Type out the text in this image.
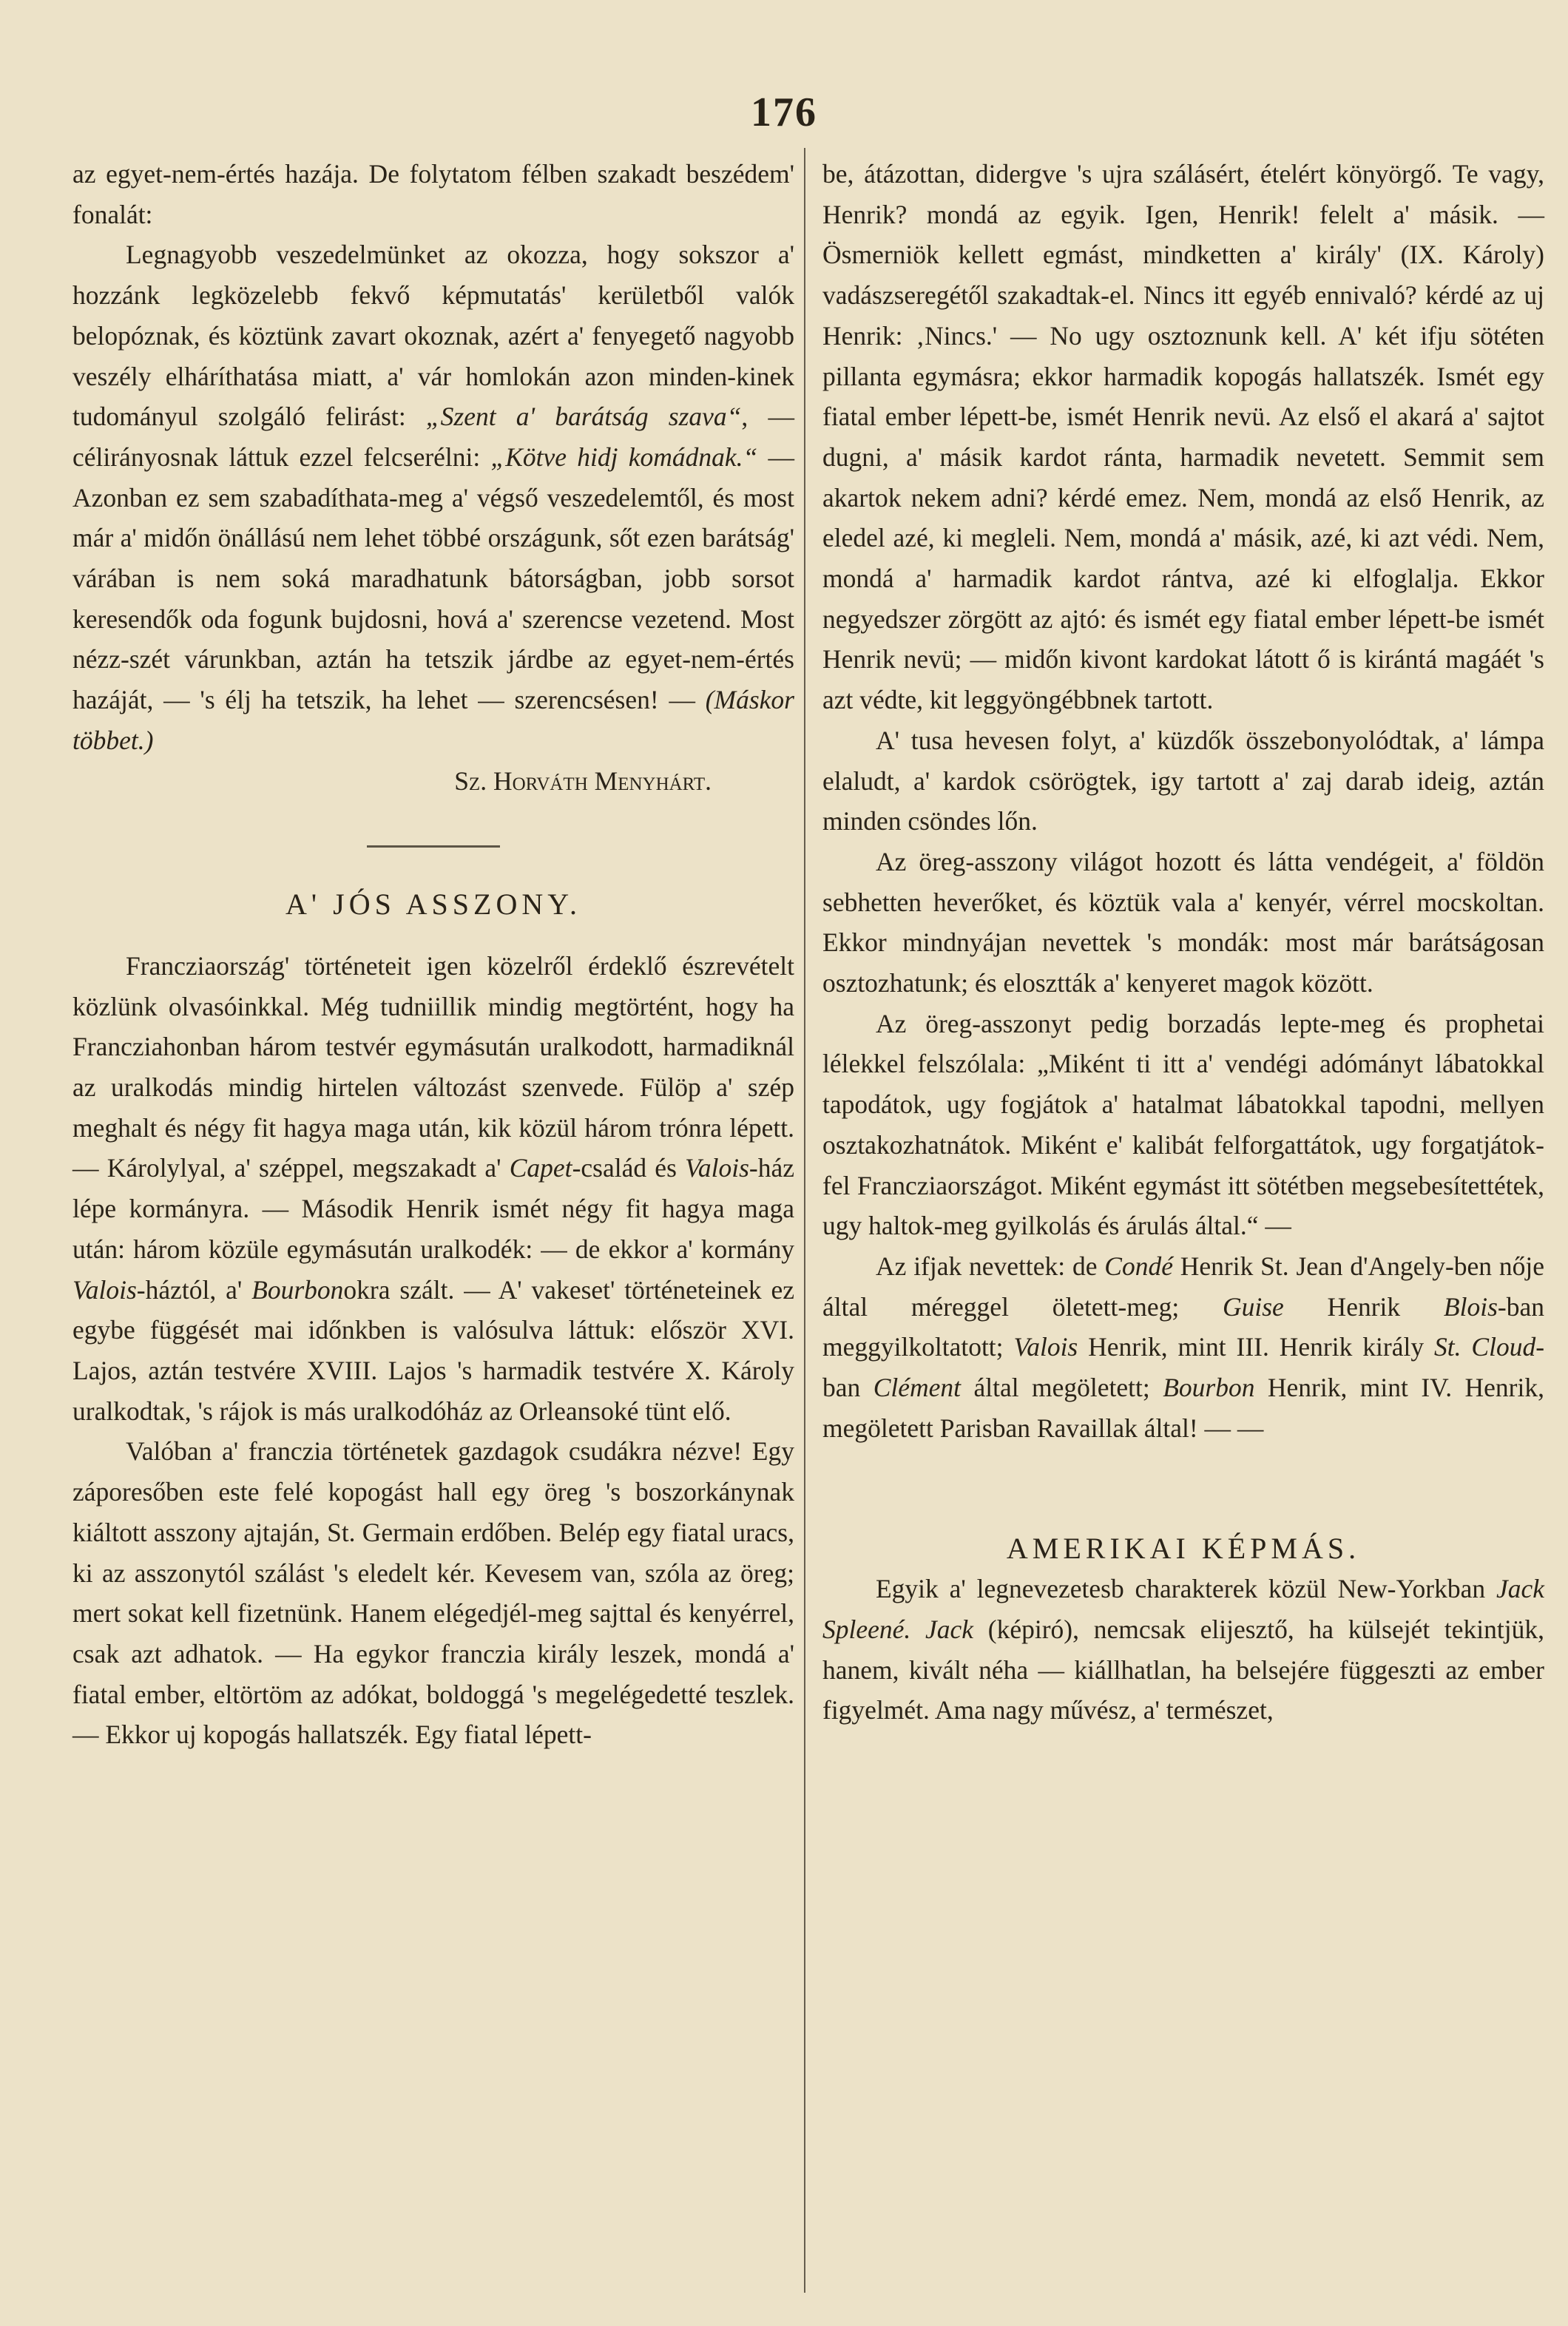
176

az egyet-nem-értés hazája. De folytatom félben szakadt beszédem' fonalát:

Legnagyobb veszedelmünket az okozza, hogy sokszor a' hozzánk legközelebb fekvő képmutatás' kerületből valók belopóznak, és köztünk zavart okoznak, azért a' fenyegető nagyobb veszély elháríthatása miatt, a' vár homlokán azon minden-kinek tudományul szolgáló felirást: „Szent a' barátság szava“, — célirányosnak láttuk ezzel felcserélni: „Kötve hidj komádnak.“ — Azonban ez sem szabadíthata-meg a' végső veszedelemtől, és most már a' midőn önállású nem lehet többé országunk, sőt ezen barátság' várában is nem soká maradhatunk bátorságban, jobb sorsot keresendők oda fogunk bujdosni, hová a' szerencse vezetend. Most nézz-szét várunkban, aztán ha tetszik járdbe az egyet-nem-értés hazáját, — 's élj ha tetszik, ha lehet — szerencsésen! — (Máskor többet.)

Sz. Horváth Menyhárt.

A' JÓS ASSZONY.

Francziaország' történeteit igen közelről érdeklő észrevételt közlünk olvasóinkkal. Még tudniillik mindig megtörtént, hogy ha Francziahonban három testvér egymásután uralkodott, harmadiknál az uralkodás mindig hirtelen változást szenvede. Fülöp a' szép meghalt és négy fit hagya maga után, kik közül három trónra lépett.— Károlylyal, a' széppel, megszakadt a' Capet-család és Valois-ház lépe kormányra. — Második Henrik ismét négy fit hagya maga után: három közüle egymásután uralkodék: — de ekkor a' kormány Valois-háztól, a' Bourbonokra szált. — A' vakeset' történeteinek ez egybe függését mai időnkben is valósulva láttuk: először XVI. Lajos, aztán testvére XVIII. Lajos 's harmadik testvére X. Károly uralkodtak, 's rájok is más uralkodóház az Orleansoké tünt elő.

Valóban a' franczia történetek gazdagok csudákra nézve! Egy záporesőben este felé kopogást hall egy öreg 's boszorkánynak kiáltott asszony ajtaján, St. Germain erdőben. Belép egy fiatal uracs, ki az asszonytól szálást 's eledelt kér. Kevesem van, szóla az öreg; mert sokat kell fizetnünk. Hanem elégedjél-meg sajttal és kenyérrel, csak azt adhatok. — Ha egykor franczia király leszek, mondá a' fiatal ember, eltörtöm az adókat, boldoggá 's megelégedetté teszlek. — Ekkor uj kopogás hallatszék. Egy fiatal lépett-

be, átázottan, didergve 's ujra szálásért, ételért könyörgő. Te vagy, Henrik? mondá az egyik. Igen, Henrik! felelt a' másik. — Ösmerniök kellett egmást, mindketten a' király' (IX. Károly) vadászseregétől szakadtak-el. Nincs itt egyéb ennivaló? kérdé az uj Henrik: ‚Nincs.' — No ugy osztoznunk kell. A' két ifju sötéten pillanta egymásra; ekkor harmadik kopogás hallatszék. Ismét egy fiatal ember lépett-be, ismét Henrik nevü. Az első el akará a' sajtot dugni, a' másik kardot ránta, harmadik nevetett. Semmit sem akartok nekem adni? kérdé emez. Nem, mondá az első Henrik, az eledel azé, ki megleli. Nem, mondá a' másik, azé, ki azt védi. Nem, mondá a' harmadik kardot rántva, azé ki elfoglalja. Ekkor negyedszer zörgött az ajtó: és ismét egy fiatal ember lépett-be ismét Henrik nevü; — midőn kivont kardokat látott ő is kirántá magáét 's azt védte, kit leggyöngébbnek tartott.

A' tusa hevesen folyt, a' küzdők összebonyolódtak, a' lámpa elaludt, a' kardok csörögtek, igy tartott a' zaj darab ideig, aztán minden csöndes lőn.

Az öreg-asszony világot hozott és látta vendégeit, a' földön sebhetten heverőket, és köztük vala a' kenyér, vérrel mocskoltan. Ekkor mindnyájan nevettek 's mondák: most már barátságosan osztozhatunk; és elosztták a' kenyeret magok között.

Az öreg-asszonyt pedig borzadás lepte-meg és prophetai lélekkel felszólala: „Miként ti itt a' vendégi adómányt lábatokkal tapodátok, ugy fogjátok a' hatalmat lábatokkal tapodni, mellyen osztakozhatnátok. Miként e' kalibát felforgattátok, ugy forgatjátok-fel Francziaországot. Miként egymást itt sötétben megsebesítettétek, ugy haltok-meg gyilkolás és árulás által.“ —

Az ifjak nevettek: de Condé Henrik St. Jean d'Angely-ben nője által méreggel öletett-meg; Guise Henrik Blois-ban meggyilkoltatott; Valois Henrik, mint III. Henrik király St. Cloud-ban Clément által megöletett; Bourbon Henrik, mint IV. Henrik, megöletett Parisban Ravaillak által! — —

AMERIKAI KÉPMÁS.

Egyik a' legnevezetesb charakterek közül New-Yorkban Jack Spleené. Jack (képiró), nemcsak elijesztő, ha külsejét tekintjük, hanem, kivált néha — kiállhatlan, ha belsejére függeszti az ember figyelmét. Ama nagy művész, a' természet,
